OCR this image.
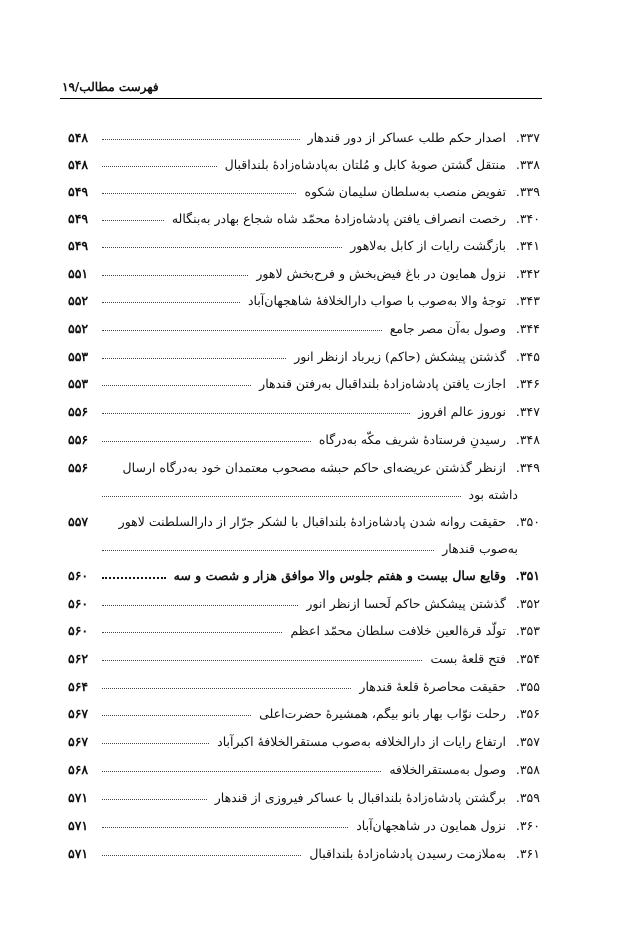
۱۹/فهرست مطالب
.۳۳۷
اصدار حکم طلب عساکر از دور قندهار
۵۴۸
.۳۳۸
منتقل گشتن صوبهٔ کابل و مُلتان به‌پادشاه‌زادهٔ بلنداقبال
۵۴۸
.۳۳۹
تفویض منصب به‌سلطان سلیمان شکوه
۵۴۹
.۳۴۰
رخصت انصراف یافتن پادشاه‌زادهٔ محمّد شاه شجاع بهادر به‌بنگاله
۵۴۹
.۳۴۱
بازگشت رایات از کابل به‌لاهور
۵۴۹
.۳۴۲
نزول همایون در باغ فیض‌بخش و فرح‌بخش لاهور
۵۵۱
.۳۴۳
توجهٔ والا به‌صوب با صواب دارالخلافهٔ شاهجهان‌آباد
۵۵۲
.۳۴۴
وصول به‌آن مصر جامع
۵۵۲
.۳۴۵
گذشتن پیشکش (حاکم) زیرباد ازنظر انور
۵۵۳
.۳۴۶
اجازت یافتن پادشاه‌زادهٔ بلنداقبال به‌رفتن قندهار
۵۵۳
.۳۴۷
نوروز عالم افروز
۵۵۶
.۳۴۸
رسیدنِ فرستادهٔ شریف مکّه به‌درگاه
۵۵۶
.۳۴۹
ازنظر گذشتن عریضه‌ای حاکم حبشه مصحوب معتمدان خود به‌درگاه ارسال
۵۵۶
داشته بود
.۳۵۰
حقیقت روانه شدن پادشاه‌زادهٔ بلنداقبال با لشکر جرّار از دارالسلطنت لاهور
۵۵۷
به‌صوب قندهار
.۳۵۱
وقایع سال بیست و هفتم جلوس والا موافق هزار و شصت و سه
۵۶۰
.۳۵۲
گذشتن پیشکش حاکم لَحسا ازنظر انور
۵۶۰
.۳۵۳
تولّد قرةالعین خلافت سلطان محمّد اعظم
۵۶۰
.۳۵۴
فتح قلعهٔ بست
۵۶۲
.۳۵۵
حقیقت محاصرهٔ قلعهٔ قندهار
۵۶۴
.۳۵۶
رحلت نوّاب بهار بانو بیگم، همشیرهٔ حضرت‌اعلی
۵۶۷
.۳۵۷
ارتفاع رایات از دارالخلافه به‌صوب مستقرالخلافهٔ اکبرآباد
۵۶۷
.۳۵۸
وصول به‌مستقرالخلافه
۵۶۸
.۳۵۹
برگشتن پادشاه‌زادهٔ بلنداقبال با عساکر فیروزی از قندهار
۵۷۱
.۳۶۰
نزول همایون در شاهجهان‌آباد
۵۷۱
.۳۶۱
به‌ملازمت رسیدن پادشاه‌زادهٔ بلنداقبال
۵۷۱
